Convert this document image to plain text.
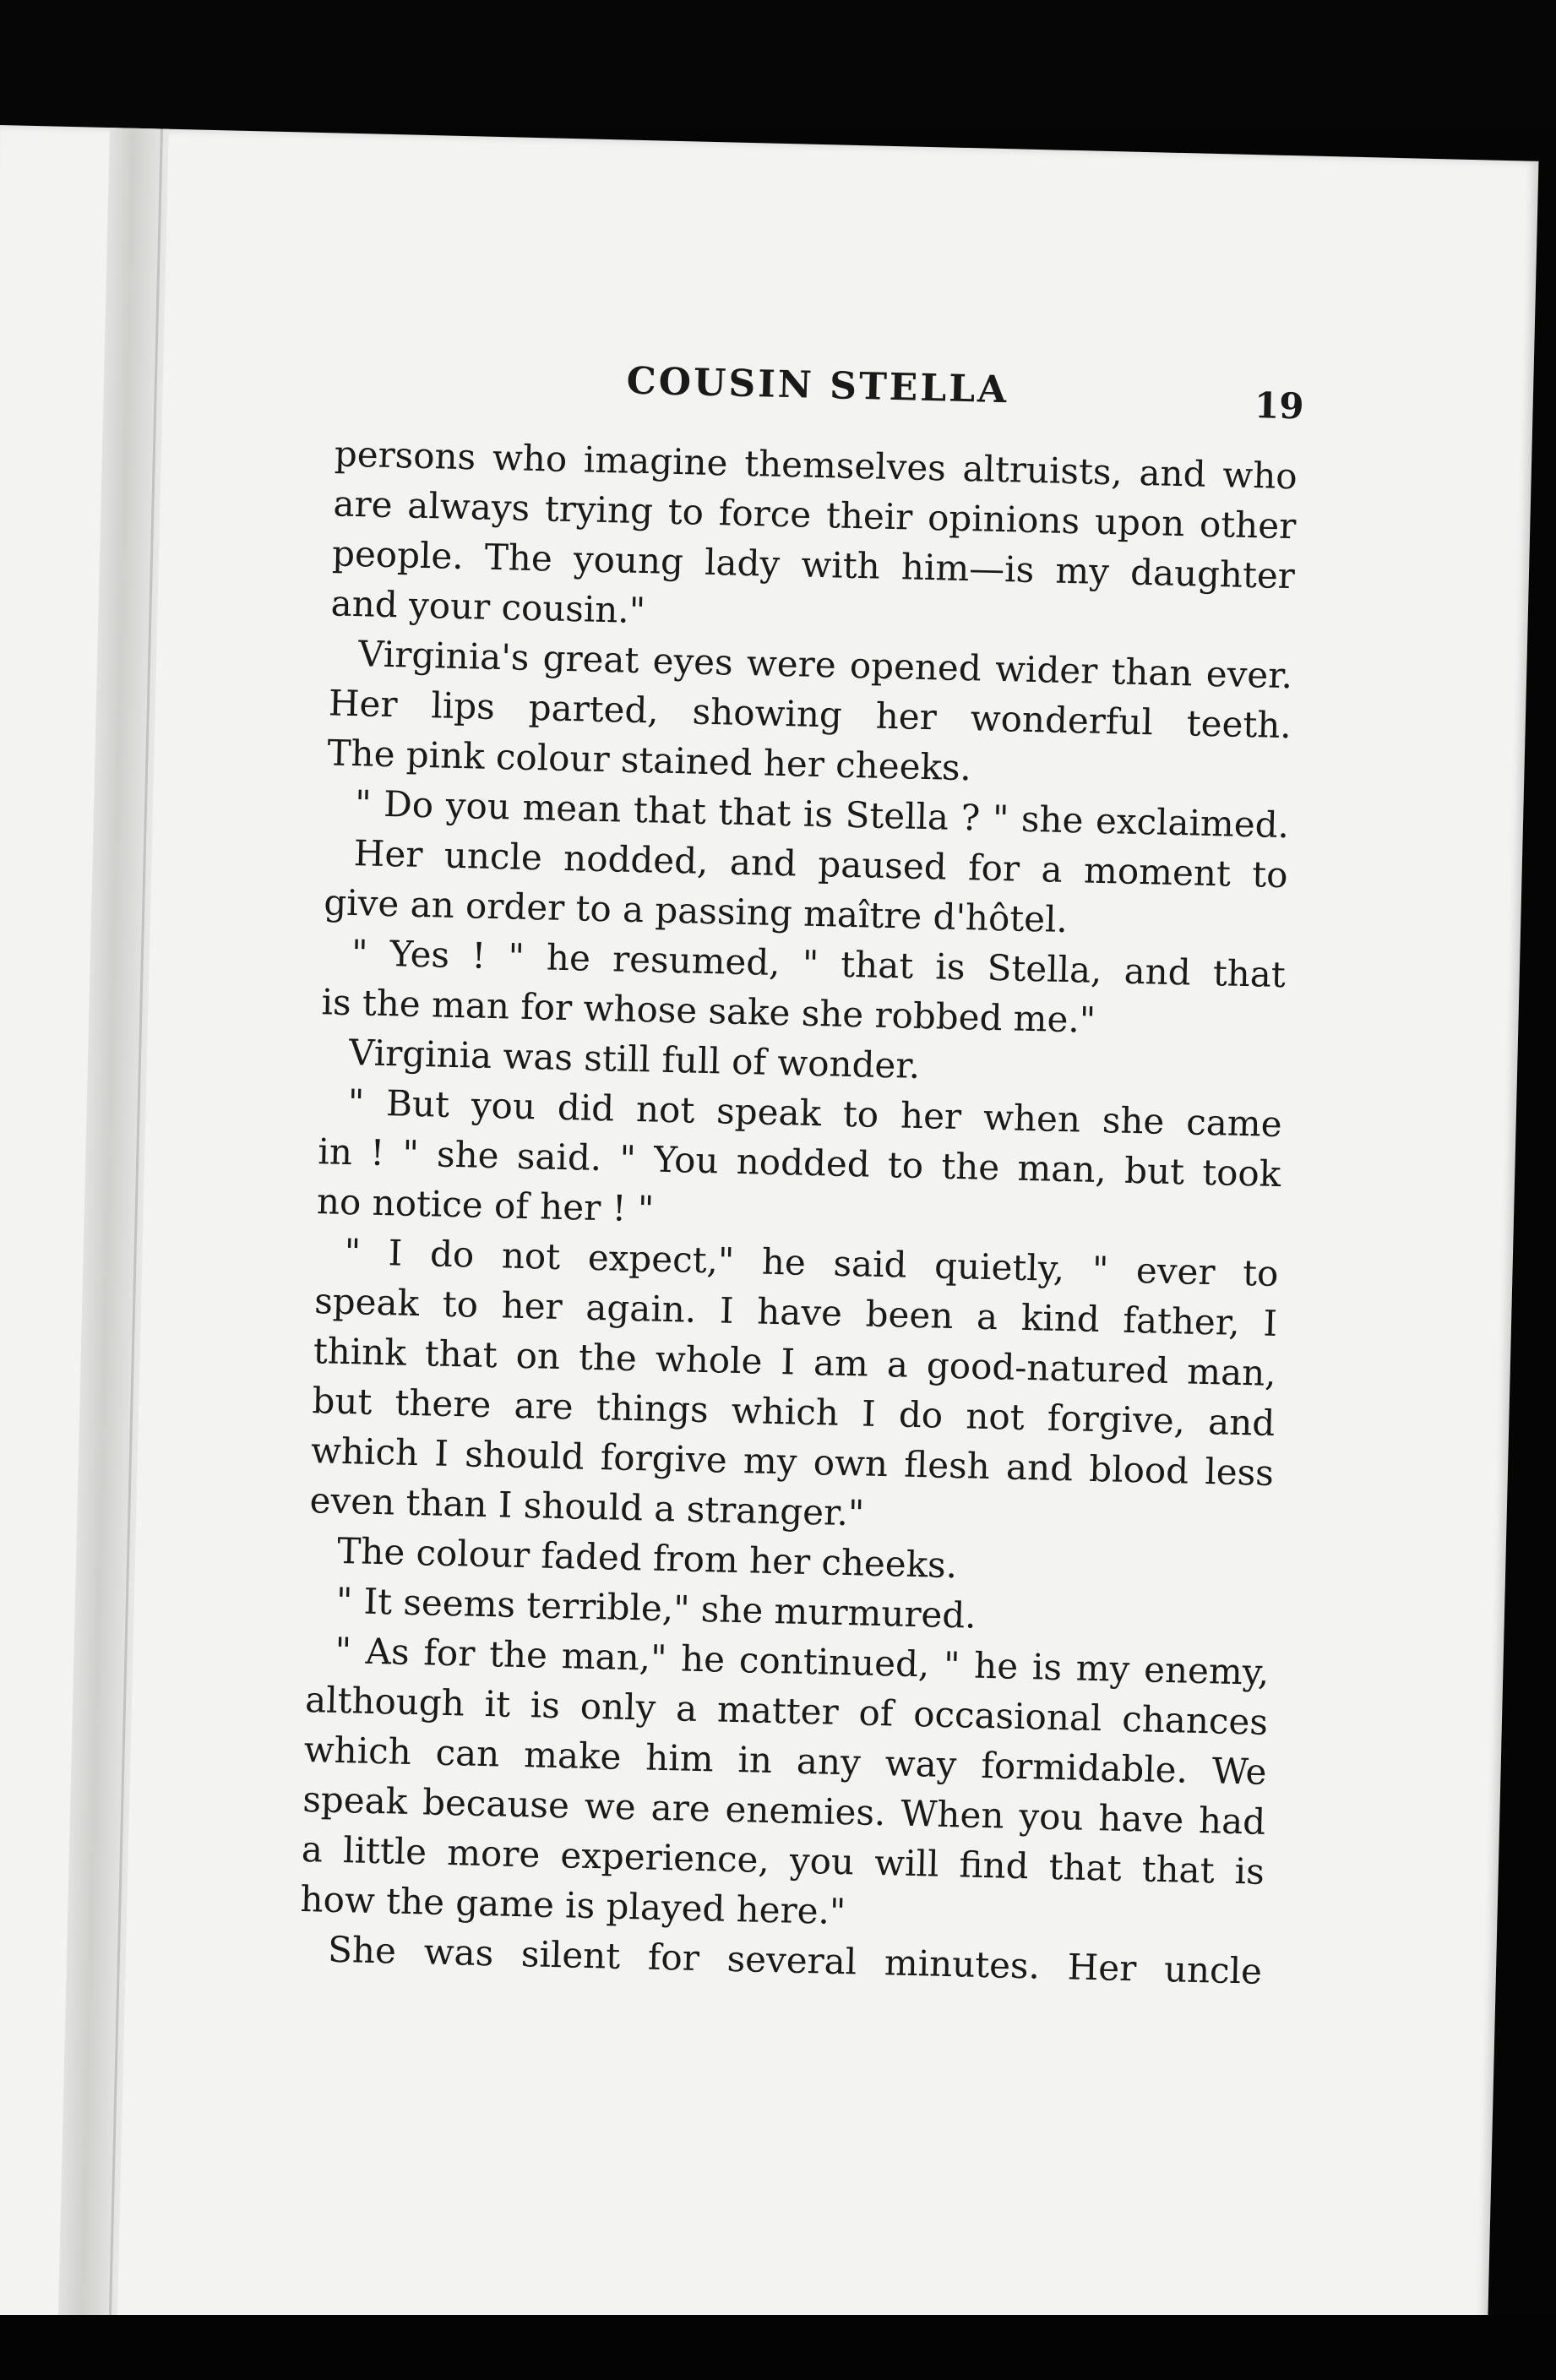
COUSIN STELLA	19
persons who imagine themselves altruists, and who
are always trying to force their opinions upon other
people. The young lady with him—is my daughter
and your cousin."
Virginia's great eyes were opened wider than ever.
Her lips parted, showing her wonderful teeth.
The pink colour stained her cheeks.
" Do you mean that that is Stella ? " she exclaimed.
Her uncle nodded, and paused for a moment to
give an order to a passing maître d'hôtel.
" Yes ! " he resumed, " that is Stella, and that
is the man for whose sake she robbed me."
Virginia was still full of wonder.
" But you did not speak to her when she came
in ! " she said. " You nodded to the man, but took
no notice of her ! "
" I do not expect," he said quietly, " ever to
speak to her again. I have been a kind father, I
think that on the whole I am a good-natured man,
but there are things which I do not forgive, and
which I should forgive my own flesh and blood less
even than I should a stranger."
The colour faded from her cheeks.
" It seems terrible," she murmured.
" As for the man," he continued, " he is my enemy,
although it is only a matter of occasional chances
which can make him in any way formidable. We
speak because we are enemies. When you have had
a little more experience, you will find that that is
how the game is played here."
She was silent for several minutes. Her uncle
